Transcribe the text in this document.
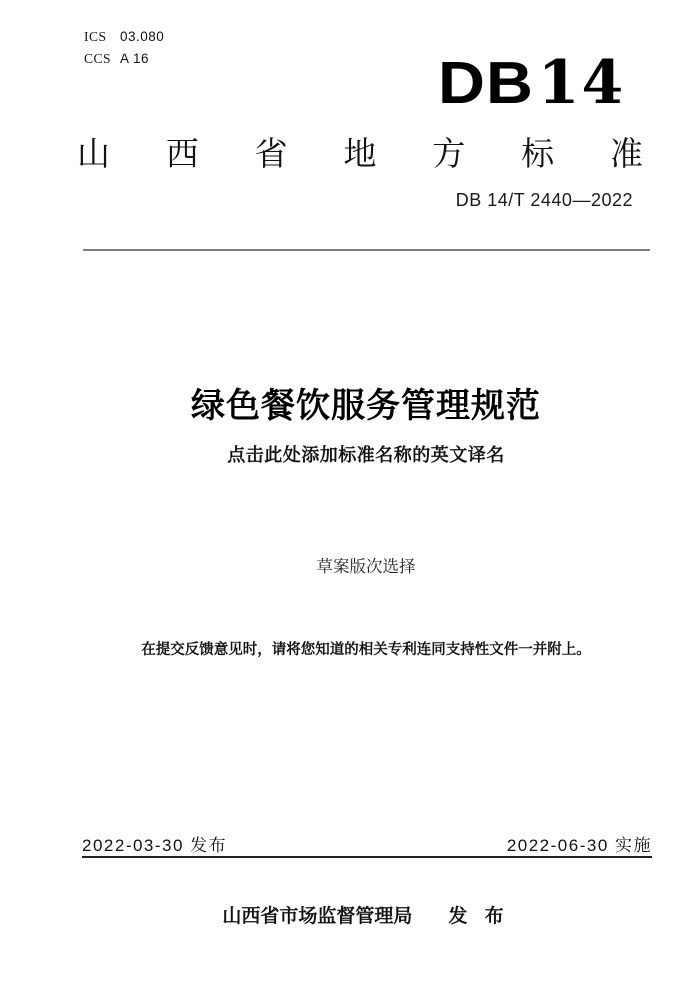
ICS 03.080
CCS A 16	DB14
山 西 省 地 方 标 准
DB 14/T 2440—2022
绿色餐饮服务管理规范
点击此处添加标准名称的英文译名
草案版次选择
在提交反馈意见时，请将您知道的相关专利连同支持性文件一并附上。
2022-03-30 发布	2022-06-30 实施
山西省市场监督管理局 发 布
